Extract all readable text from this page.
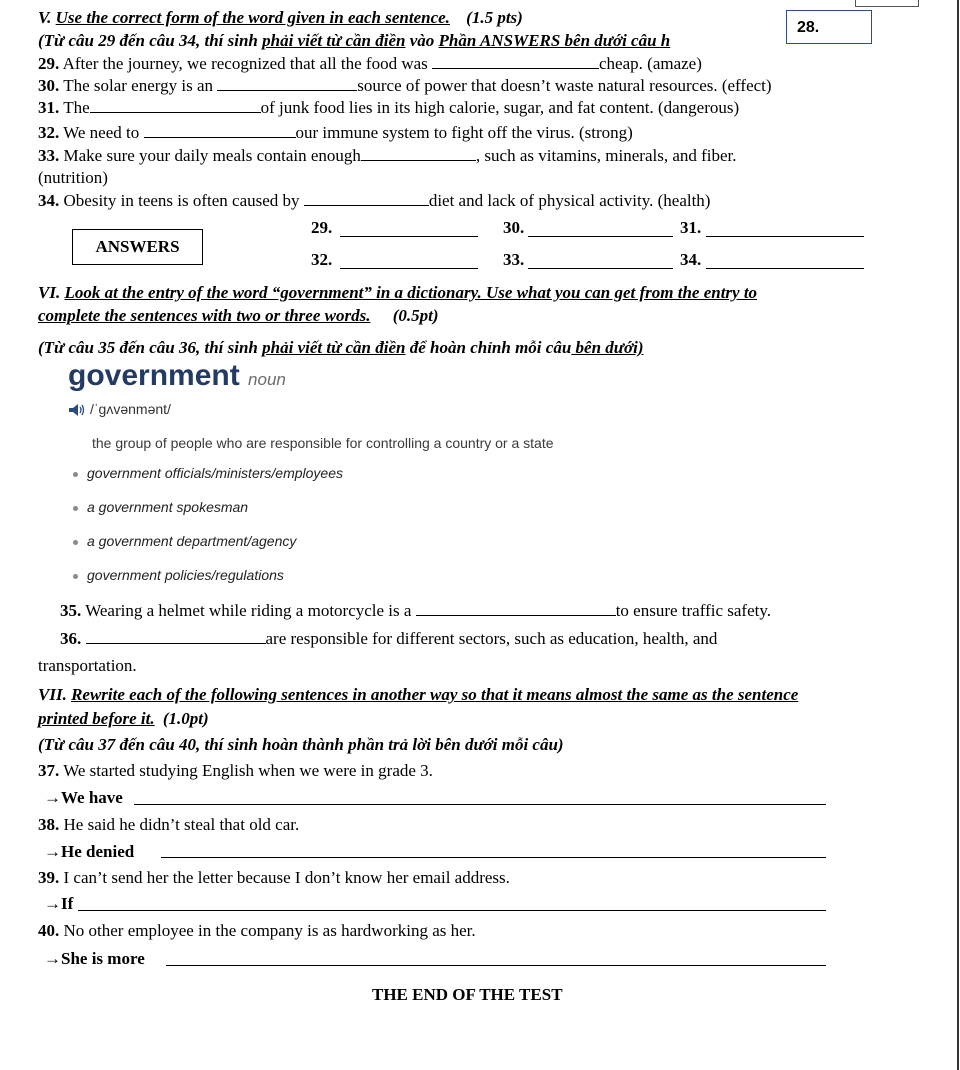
V. Use the correct form of the word given in each sentence. (1.5 pts)
(Từ câu 29 đến câu 34, thí sinh phải viết từ cần điền vào Phần ANSWERS bên dưới câu h
28.
29. After the journey, we recognized that all the food was	cheap. (amaze)
30. The solar energy is an	source of power that doesn’t waste natural resources. (effect)
31. The	of junk food lies in its high calorie, sugar, and fat content. (dangerous)
32. We need to	our immune system to fight off the virus. (strong)
33. Make sure your daily meals contain enough	, such as vitamins, minerals, and fiber.
(nutrition)
34. Obesity in teens is often caused by	diet and lack of physical activity. (health)
ANSWERS
29.	30.	31.
32.	33.	34.
VI. Look at the entry of the word “government” in a dictionary. Use what you can get from the entry to
complete the sentences with two or three words. (0.5pt)
(Từ câu 35 đến câu 36, thí sinh phải viết từ cần điền để hoàn chỉnh mỗi câu bên dưới)
government noun
/ˈɡʌvənmənt/
the group of people who are responsible for controlling a country or a state
government officials/ministers/employees
a government spokesman
a government department/agency
government policies/regulations
35. Wearing a helmet while riding a motorcycle is a	to ensure traffic safety.
36.	are responsible for different sectors, such as education, health, and
transportation.
VII. Rewrite each of the following sentences in another way so that it means almost the same as the sentence
printed before it. (1.0pt)
(Từ câu 37 đến câu 40, thí sinh hoàn thành phần trả lời bên dưới mỗi câu)
37. We started studying English when we were in grade 3.
→We have
38. He said he didn’t steal that old car.
→He denied
39. I can’t send her the letter because I don’t know her email address.
→If
40. No other employee in the company is as hardworking as her.
→She is more
THE END OF THE TEST
